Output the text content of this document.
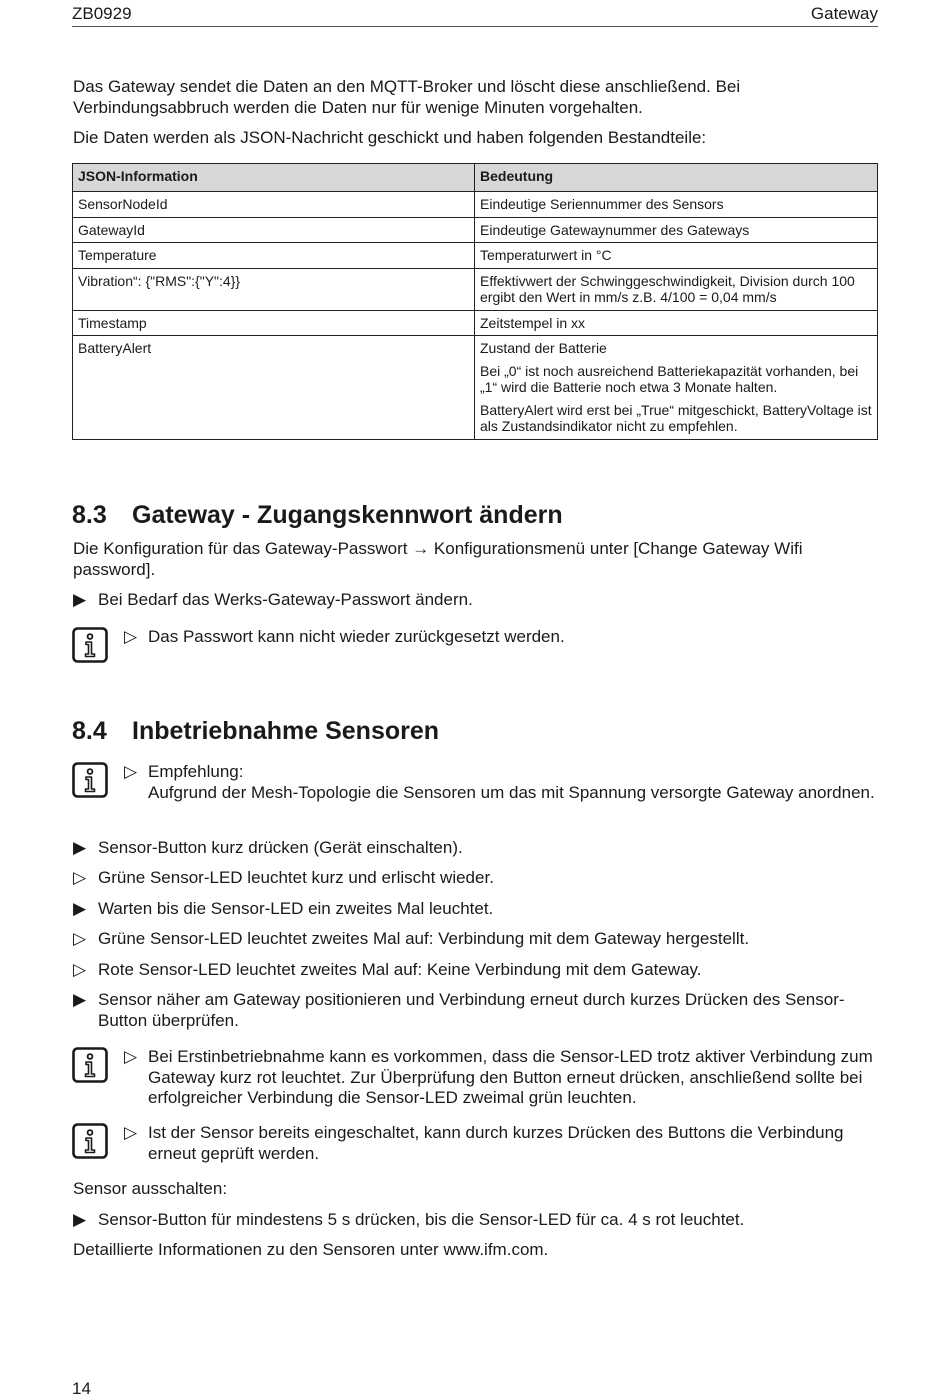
ZB0929	Gateway

Das Gateway sendet die Daten an den MQTT-Broker und löscht diese anschließend. Bei Verbindungsabbruch werden die Daten nur für wenige Minuten vorgehalten.

Die Daten werden als JSON-Nachricht geschickt und haben folgenden Bestandteile:

JSON-Information	Bedeutung
SensorNodeId	Eindeutige Seriennummer des Sensors
GatewayId	Eindeutige Gatewaynummer des Gateways
Temperature	Temperaturwert in °C
Vibration“: {"RMS":{"Y":4}}	Effektivwert der Schwinggeschwindigkeit, Division durch 100 ergibt den Wert in mm/s z.B. 4/100 = 0,04 mm/s
Timestamp	Zeitstempel in xx
BatteryAlert	Zustand der Batterie
Bei „0“ ist noch ausreichend Batteriekapazität vorhanden, bei „1“ wird die Batterie noch etwa 3 Monate halten.
BatteryAlert wird erst bei „True“ mitgeschickt, BatteryVoltage ist als Zustandsindikator nicht zu empfehlen.
8.3 Gateway - Zugangskennwort ändern

Die Konfiguration für das Gateway-Passwort → Konfigurationsmenü unter [Change Gateway Wifi password].

▶ Bei Bedarf das Werks-Gateway-Passwort ändern.
▷ Das Passwort kann nicht wieder zurückgesetzt werden.
8.4 Inbetriebnahme Sensoren
▷ Empfehlung:
Aufgrund der Mesh-Topologie die Sensoren um das mit Spannung versorgte Gateway anordnen.
▶ Sensor-Button kurz drücken (Gerät einschalten).
▷ Grüne Sensor-LED leuchtet kurz und erlischt wieder.
▶ Warten bis die Sensor-LED ein zweites Mal leuchtet.
▷ Grüne Sensor-LED leuchtet zweites Mal auf: Verbindung mit dem Gateway hergestellt.
▷ Rote Sensor-LED leuchtet zweites Mal auf: Keine Verbindung mit dem Gateway.
▶ Sensor näher am Gateway positionieren und Verbindung erneut durch kurzes Drücken des Sensor-Button überprüfen.
▷ Bei Erstinbetriebnahme kann es vorkommen, dass die Sensor-LED trotz aktiver Verbindung zum Gateway kurz rot leuchtet. Zur Überprüfung den Button erneut drücken, anschließend sollte bei erfolgreicher Verbindung die Sensor-LED zweimal grün leuchten.
▷ Ist der Sensor bereits eingeschaltet, kann durch kurzes Drücken des Buttons die Verbindung erneut geprüft werden.

Sensor ausschalten:

▶ Sensor-Button für mindestens 5 s drücken, bis die Sensor-LED für ca. 4 s rot leuchtet.

Detaillierte Informationen zu den Sensoren unter www.ifm.com.

14
